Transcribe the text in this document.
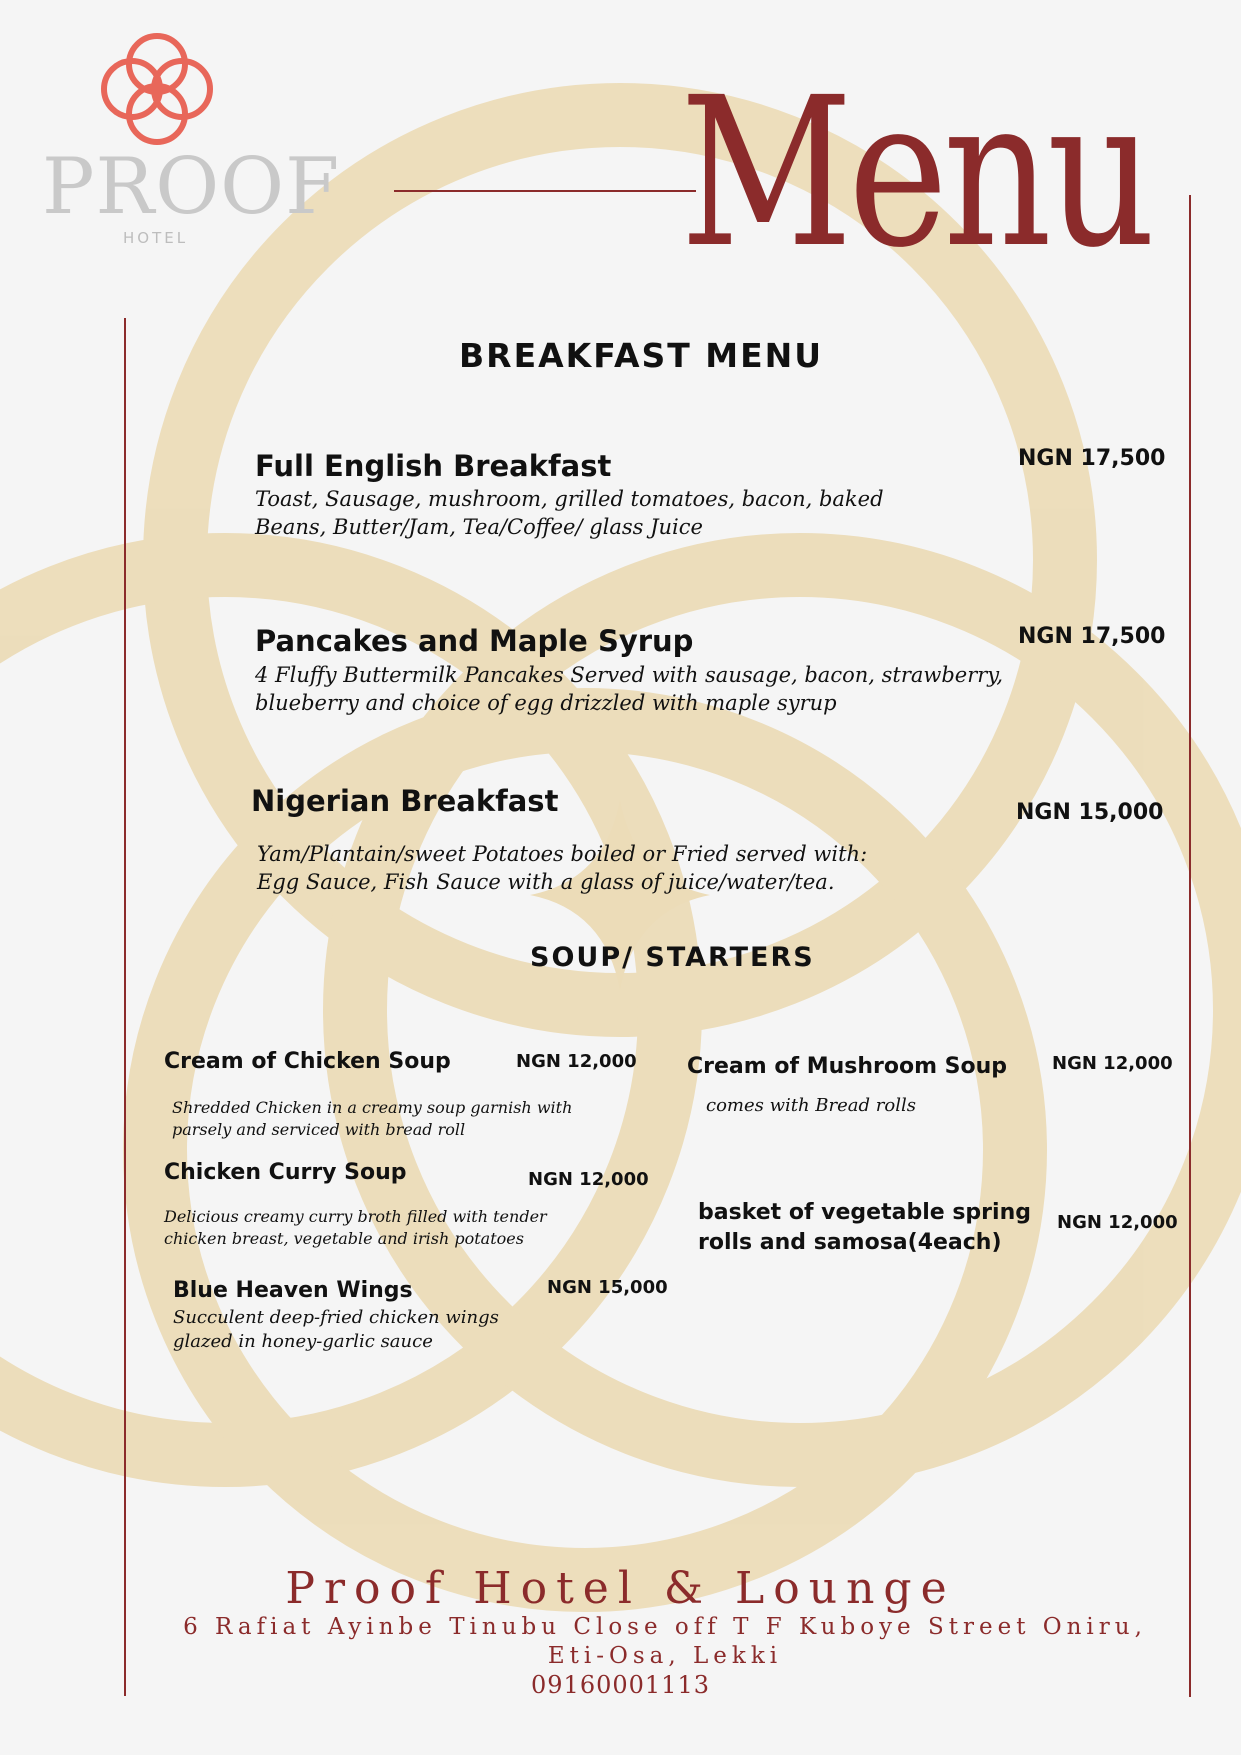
PROOF
HOTEL Menu
BREAKFAST MENU
Full English Breakfast	NGN 17,500
Toast, Sausage, mushroom, grilled tomatoes, bacon, baked
Beans, Butter/Jam, Tea/Coffee/ glass Juice
Pancakes and Maple Syrup	NGN 17,500
4 Fluffy Buttermilk Pancakes Served with sausage, bacon, strawberry,
blueberry and choice of egg drizzled with maple syrup
Nigerian Breakfast	NGN 15,000
Yam/Plantain/sweet Potatoes boiled or Fried served with:
Egg Sauce, Fish Sauce with a glass of juice/water/tea.
SOUP/ STARTERS
Cream of Chicken Soup	NGN 12,000
Shredded Chicken in a creamy soup garnish with
parsely and serviced with bread roll
Cream of Mushroom Soup NGN 12,000
comes with Bread rolls
Chicken Curry Soup	NGN 12,000
Delicious creamy curry broth filled with tender
chicken breast, vegetable and irish potatoes
basket of vegetable spring
rolls and samosa(4each)
NGN 12,000
Blue Heaven Wings	NGN 15,000
Succulent deep-fried chicken wings
glazed in honey-garlic sauce
Proof Hotel & Lounge
6 Rafiat Ayinbe Tinubu Close off T F Kuboye Street Oniru, Eti-Osa, Lekki
09160001113
